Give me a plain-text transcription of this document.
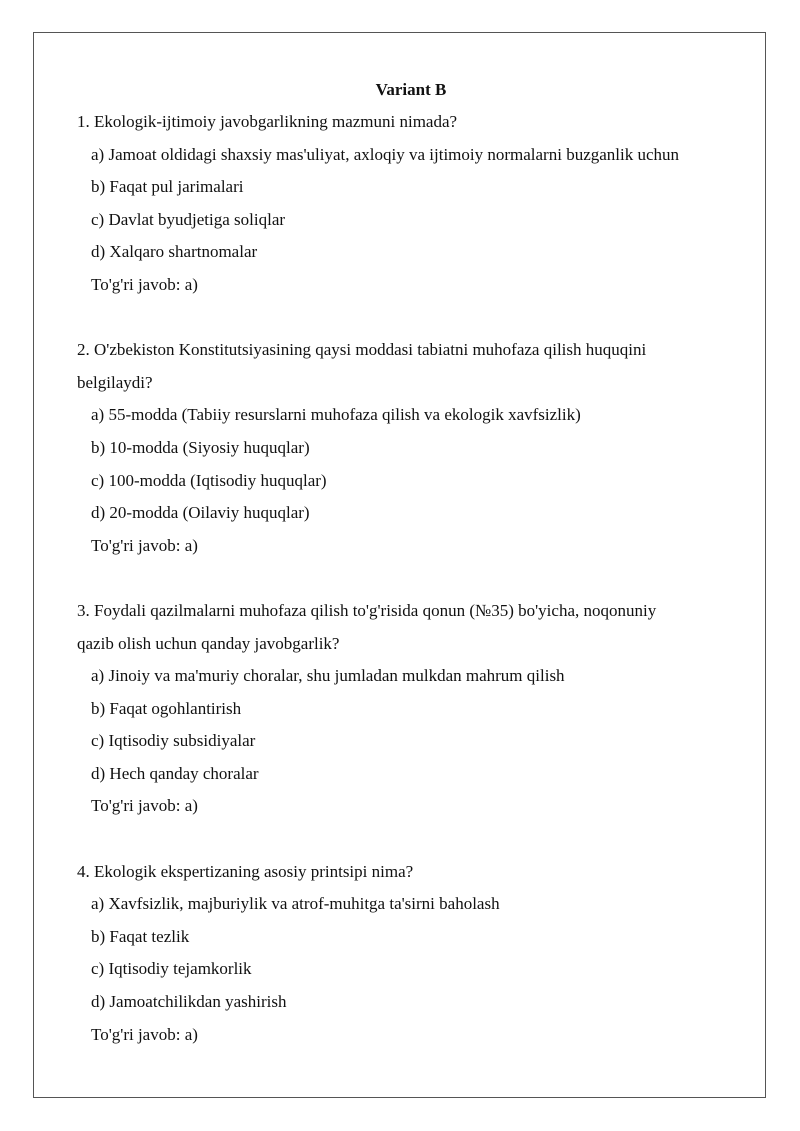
Variant B
1. Ekologik-ijtimoiy javobgarlikning mazmuni nimada?
a) Jamoat oldidagi shaxsiy mas'uliyat, axloqiy va ijtimoiy normalarni buzganlik uchun
b) Faqat pul jarimalari
c) Davlat byudjetiga soliqlar
d) Xalqaro shartnomalar
To'g'ri javob: a)
2. O'zbekiston Konstitutsiyasining qaysi moddasi tabiatni muhofaza qilish huquqini
belgilaydi?
a) 55-modda (Tabiiy resurslarni muhofaza qilish va ekologik xavfsizlik)
b) 10-modda (Siyosiy huquqlar)
c) 100-modda (Iqtisodiy huquqlar)
d) 20-modda (Oilaviy huquqlar)
To'g'ri javob: a)
3. Foydali qazilmalarni muhofaza qilish to'g'risida qonun (№35) bo'yicha, noqonuniy
qazib olish uchun qanday javobgarlik?
a) Jinoiy va ma'muriy choralar, shu jumladan mulkdan mahrum qilish
b) Faqat ogohlantirish
c) Iqtisodiy subsidiyalar
d) Hech qanday choralar
To'g'ri javob: a)
4. Ekologik ekspertizaning asosiy printsipi nima?
a) Xavfsizlik, majburiylik va atrof-muhitga ta'sirni baholash
b) Faqat tezlik
c) Iqtisodiy tejamkorlik
d) Jamoatchilikdan yashirish
To'g'ri javob: a)
